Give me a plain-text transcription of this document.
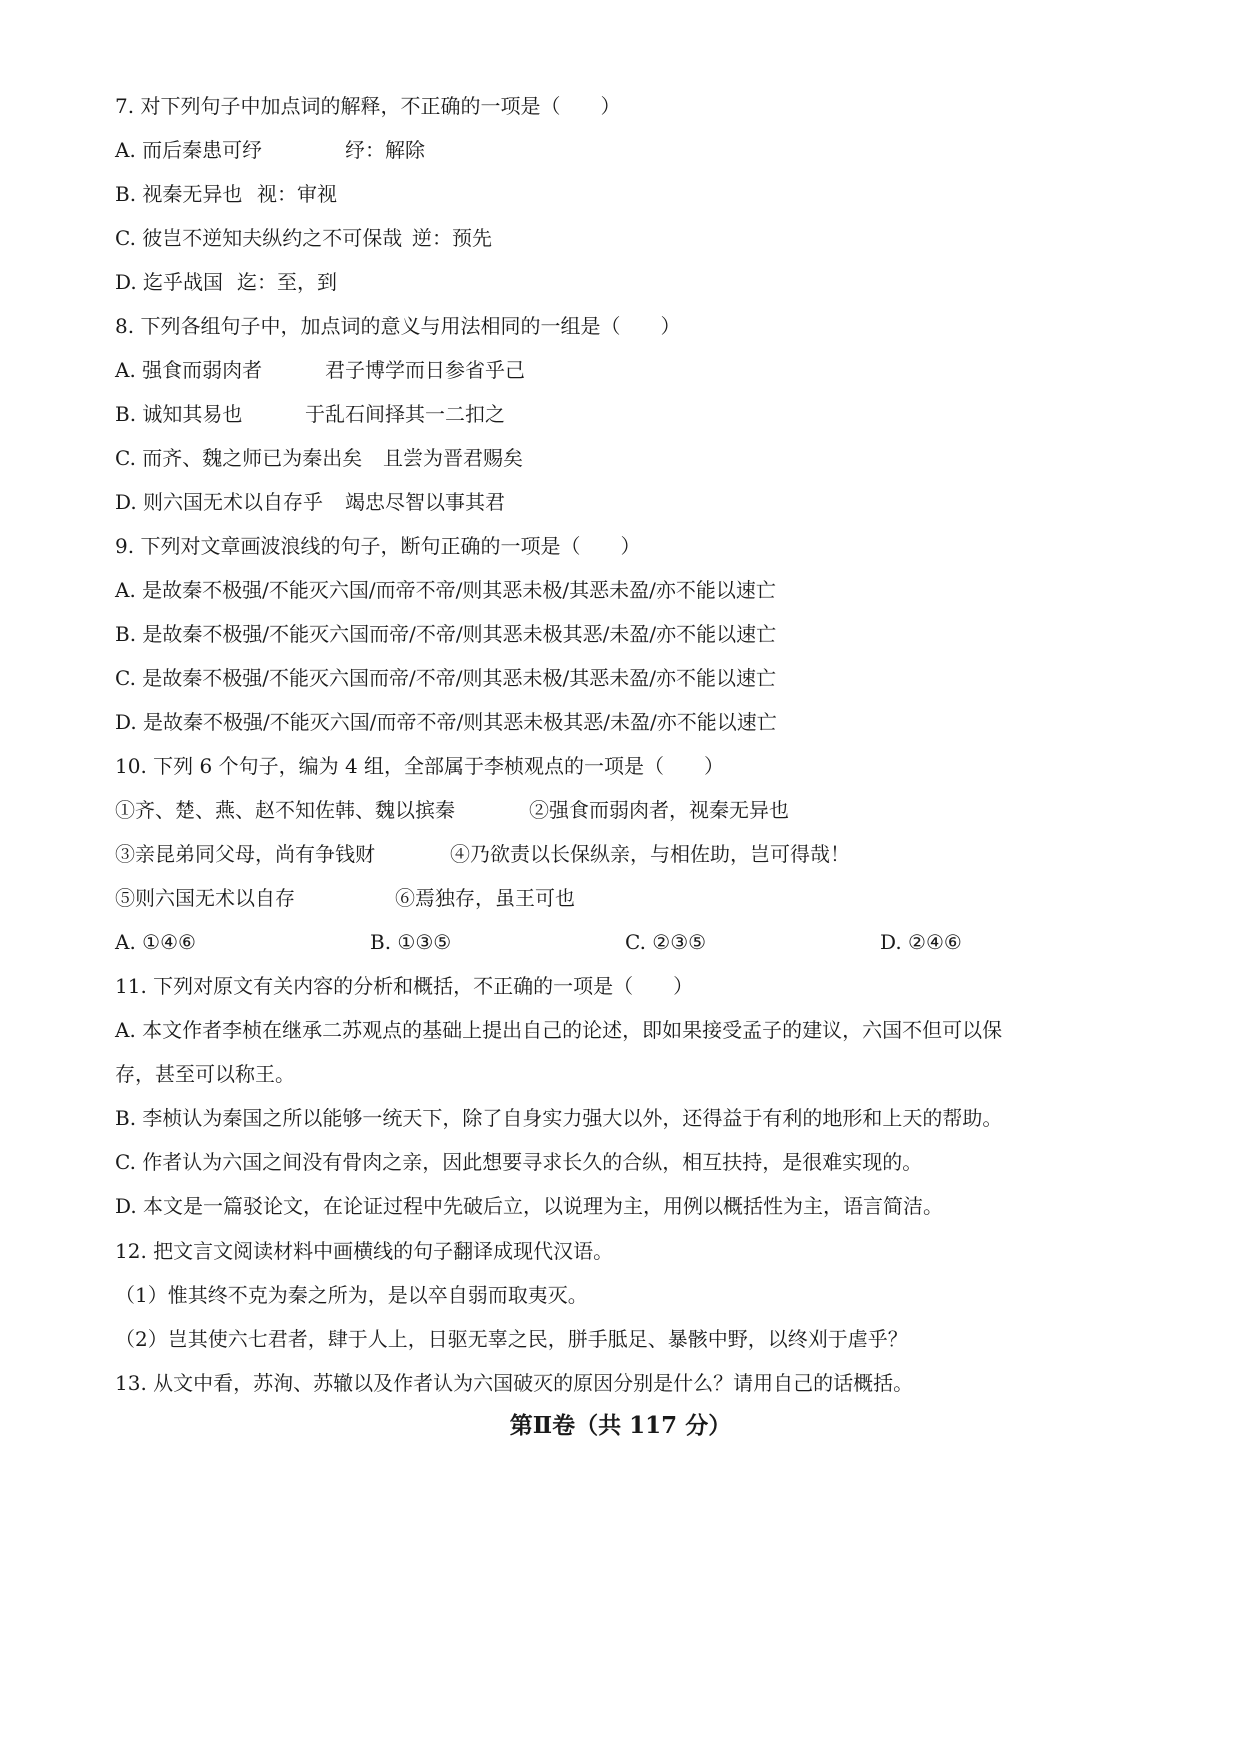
7. 对下列句子中加点词的解释，不正确的一项是（　　）
A. 而后秦患可纾	纾：解除
B. 视秦无异也 视：审视
C. 彼岂不逆知夫纵约之不可保哉 逆：预先
D. 迄乎战国 迄：至，到
8. 下列各组句子中，加点词的意义与用法相同的一组是（　　）
A. 强食而弱肉者	君子博学而日参省乎己
B. 诚知其易也	于乱石间择其一二扣之
C. 而齐、魏之师已为秦出矣 且尝为晋君赐矣
D. 则六国无术以自存乎 竭忠尽智以事其君
9. 下列对文章画波浪线的句子，断句正确的一项是（　　）
A. 是故秦不极强/不能灭六国/而帝不帝/则其恶未极/其恶未盈/亦不能以速亡
B. 是故秦不极强/不能灭六国而帝/不帝/则其恶未极其恶/未盈/亦不能以速亡
C. 是故秦不极强/不能灭六国而帝/不帝/则其恶未极/其恶未盈/亦不能以速亡
D. 是故秦不极强/不能灭六国/而帝不帝/则其恶未极其恶/未盈/亦不能以速亡
10. 下列 6 个句子，编为 4 组，全部属于李桢观点的一项是（　　）
①齐、楚、燕、赵不知佐韩、魏以摈秦	②强食而弱肉者，视秦无异也
③亲昆弟同父母，尚有争钱财	④乃欲责以长保纵亲，与相佐助，岂可得哉！
⑤则六国无术以自存	⑥焉独存，虽王可也
A. ①④⑥	B. ①③⑤	C. ②③⑤	D. ②④⑥
11. 下列对原文有关内容的分析和概括，不正确的一项是（　　）
A. 本文作者李桢在继承二苏观点的基础上提出自己的论述，即如果接受孟子的建议，六国不但可以保
存，甚至可以称王。
B. 李桢认为秦国之所以能够一统天下，除了自身实力强大以外，还得益于有利的地形和上天的帮助。
C. 作者认为六国之间没有骨肉之亲，因此想要寻求长久的合纵，相互扶持，是很难实现的。
D. 本文是一篇驳论文，在论证过程中先破后立，以说理为主，用例以概括性为主，语言简洁。
12. 把文言文阅读材料中画横线的句子翻译成现代汉语。
（1）惟其终不克为秦之所为，是以卒自弱而取夷灭。
（2）岂其使六七君者，肆于人上，日驱无辜之民，胼手胝足、暴骸中野，以终刈于虐乎？
13. 从文中看，苏洵、苏辙以及作者认为六国破灭的原因分别是什么？请用自己的话概括。
第Ⅱ卷（共 117 分）
